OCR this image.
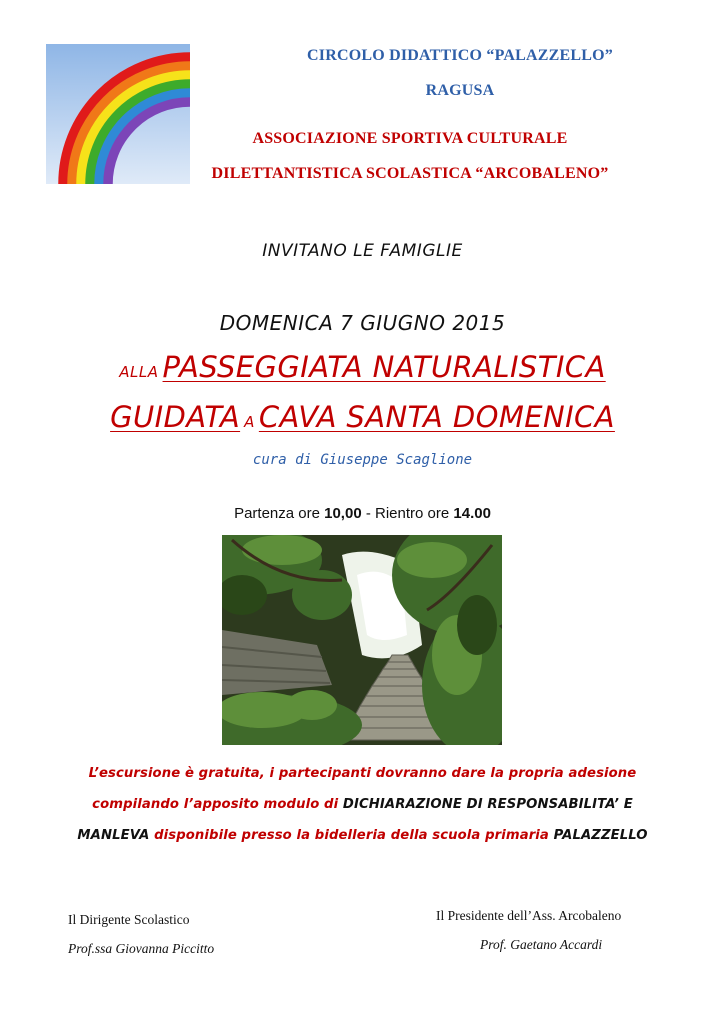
CIRCOLO DIDATTICO “PALAZZELLO”
RAGUSA
ASSOCIAZIONE SPORTIVA CULTURALE
DILETTANTISTICA SCOLASTICA “ARCOBALENO”
INVITANO LE FAMIGLIE
DOMENICA 7 GIUGNO 2015
ALLA PASSEGGIATA NATURALISTICA
GUIDATA A CAVA SANTA DOMENICA
cura di Giuseppe Scaglione
Partenza ore 10,00 - Rientro ore 14.00
L’escursione è gratuita, i partecipanti dovranno dare la propria adesione
compilando l’apposito modulo di DICHIARAZIONE DI RESPONSABILITA’ E
MANLEVA disponibile presso la bidelleria della scuola primaria PALAZZELLO
Il Dirigente Scolastico
Prof.ssa Giovanna Piccitto
Il Presidente dell’Ass. Arcobaleno
Prof. Gaetano Accardi
